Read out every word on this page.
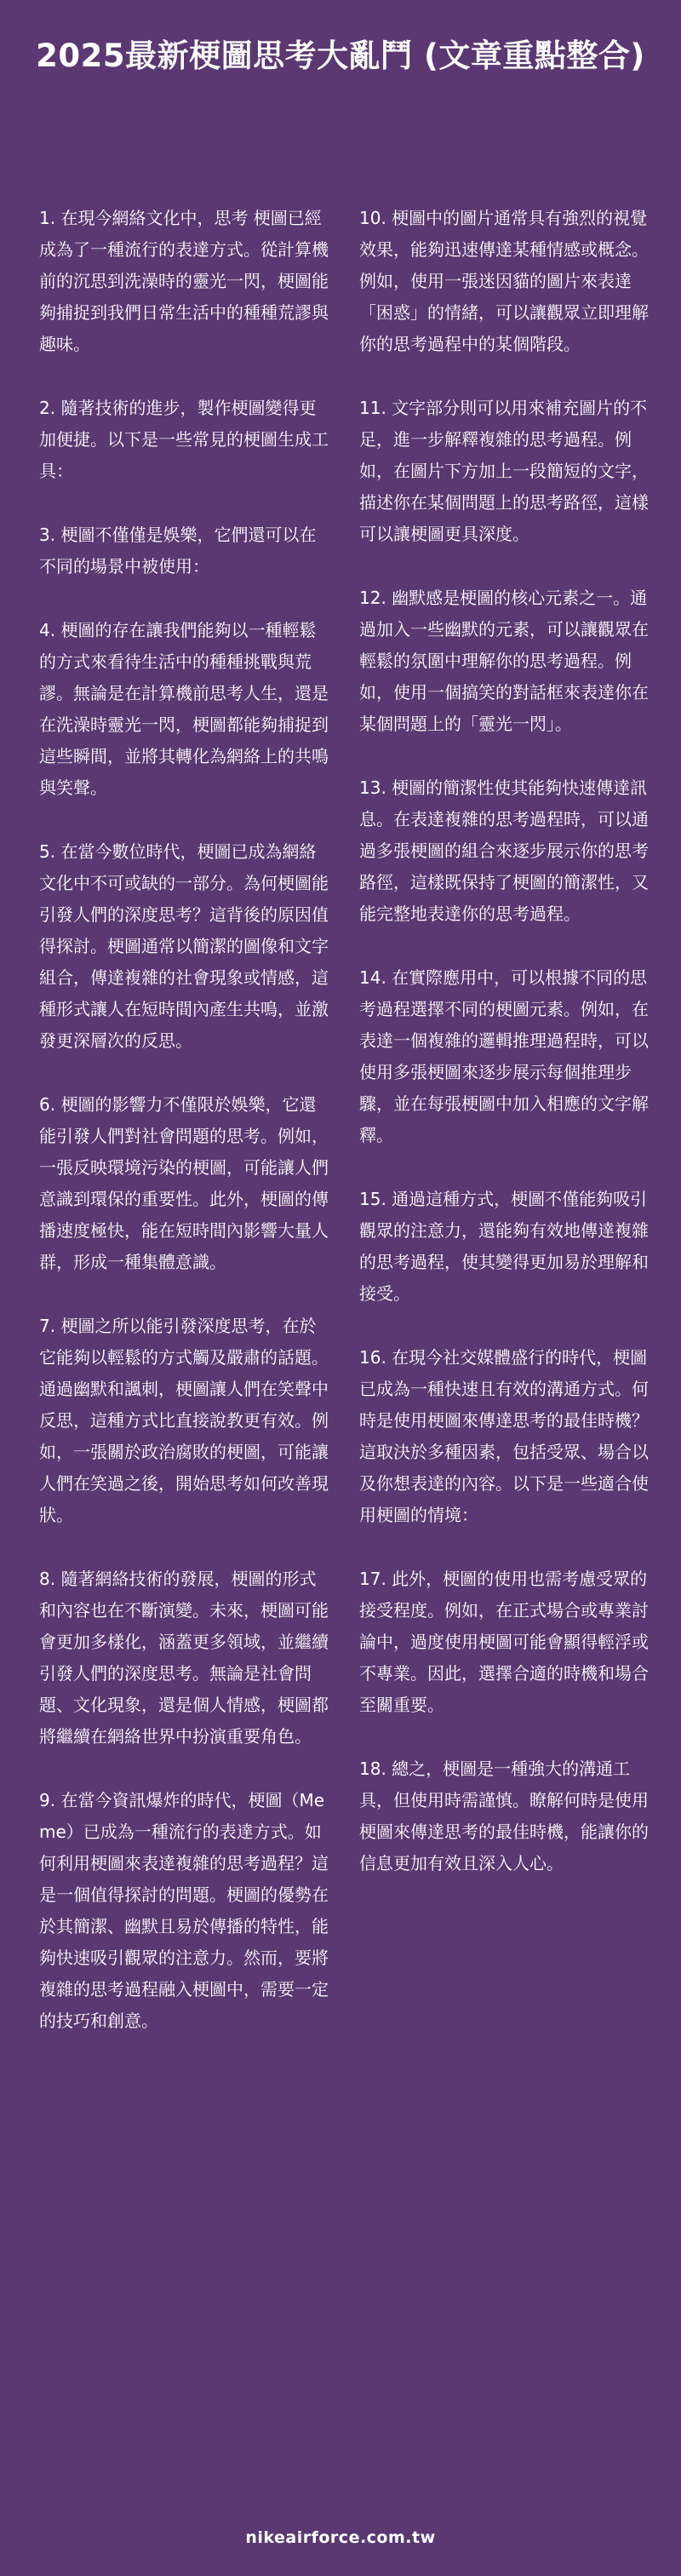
2025最新梗圖思考大亂鬥 (文章重點整合)

1. 在現今網絡文化中，思考 梗圖已經成為了一種流行的表達方式。從計算機前的沉思到洗澡時的靈光一閃，梗圖能夠捕捉到我們日常生活中的種種荒謬與趣味。

2. 隨著技術的進步，製作梗圖變得更加便捷。以下是一些常見的梗圖生成工具：

3. 梗圖不僅僅是娛樂，它們還可以在不同的場景中被使用：

4. 梗圖的存在讓我們能夠以一種輕鬆的方式來看待生活中的種種挑戰與荒謬。無論是在計算機前思考人生，還是在洗澡時靈光一閃，梗圖都能夠捕捉到這些瞬間，並將其轉化為網絡上的共鳴與笑聲。

5. 在當今數位時代，梗圖已成為網絡文化中不可或缺的一部分。為何梗圖能引發人們的深度思考？這背後的原因值得探討。梗圖通常以簡潔的圖像和文字組合，傳達複雜的社會現象或情感，這種形式讓人在短時間內產生共鳴，並激發更深層次的反思。

6. 梗圖的影響力不僅限於娛樂，它還能引發人們對社會問題的思考。例如，一張反映環境污染的梗圖，可能讓人們意識到環保的重要性。此外，梗圖的傳播速度極快，能在短時間內影響大量人群，形成一種集體意識。

7. 梗圖之所以能引發深度思考，在於它能夠以輕鬆的方式觸及嚴肅的話題。通過幽默和諷刺，梗圖讓人們在笑聲中反思，這種方式比直接說教更有效。例如，一張關於政治腐敗的梗圖，可能讓人們在笑過之後，開始思考如何改善現狀。

8. 隨著網絡技術的發展，梗圖的形式和內容也在不斷演變。未來，梗圖可能會更加多樣化，涵蓋更多領域，並繼續引發人們的深度思考。無論是社會問題、文化現象，還是個人情感，梗圖都將繼續在網絡世界中扮演重要角色。

9. 在當今資訊爆炸的時代，梗圖（Meme）已成為一種流行的表達方式。如何利用梗圖來表達複雜的思考過程？這是一個值得探討的問題。梗圖的優勢在於其簡潔、幽默且易於傳播的特性，能夠快速吸引觀眾的注意力。然而，要將複雜的思考過程融入梗圖中，需要一定的技巧和創意。

10. 梗圖中的圖片通常具有強烈的視覺效果，能夠迅速傳達某種情感或概念。例如，使用一張迷因貓的圖片來表達「困惑」的情緒，可以讓觀眾立即理解你的思考過程中的某個階段。

11. 文字部分則可以用來補充圖片的不足，進一步解釋複雜的思考過程。例如，在圖片下方加上一段簡短的文字，描述你在某個問題上的思考路徑，這樣可以讓梗圖更具深度。

12. 幽默感是梗圖的核心元素之一。通過加入一些幽默的元素，可以讓觀眾在輕鬆的氛圍中理解你的思考過程。例如，使用一個搞笑的對話框來表達你在某個問題上的「靈光一閃」。

13. 梗圖的簡潔性使其能夠快速傳達訊息。在表達複雜的思考過程時，可以通過多張梗圖的組合來逐步展示你的思考路徑，這樣既保持了梗圖的簡潔性，又能完整地表達你的思考過程。

14. 在實際應用中，可以根據不同的思考過程選擇不同的梗圖元素。例如，在表達一個複雜的邏輯推理過程時，可以使用多張梗圖來逐步展示每個推理步驟，並在每張梗圖中加入相應的文字解釋。

15. 通過這種方式，梗圖不僅能夠吸引觀眾的注意力，還能夠有效地傳達複雜的思考過程，使其變得更加易於理解和接受。

16. 在現今社交媒體盛行的時代，梗圖已成為一種快速且有效的溝通方式。何時是使用梗圖來傳達思考的最佳時機？這取決於多種因素，包括受眾、場合以及你想表達的內容。以下是一些適合使用梗圖的情境：

17. 此外，梗圖的使用也需考慮受眾的接受程度。例如，在正式場合或專業討論中，過度使用梗圖可能會顯得輕浮或不專業。因此，選擇合適的時機和場合至關重要。

18. 總之，梗圖是一種強大的溝通工具，但使用時需謹慎。瞭解何時是使用梗圖來傳達思考的最佳時機，能讓你的信息更加有效且深入人心。

nikeairforce.com.tw
